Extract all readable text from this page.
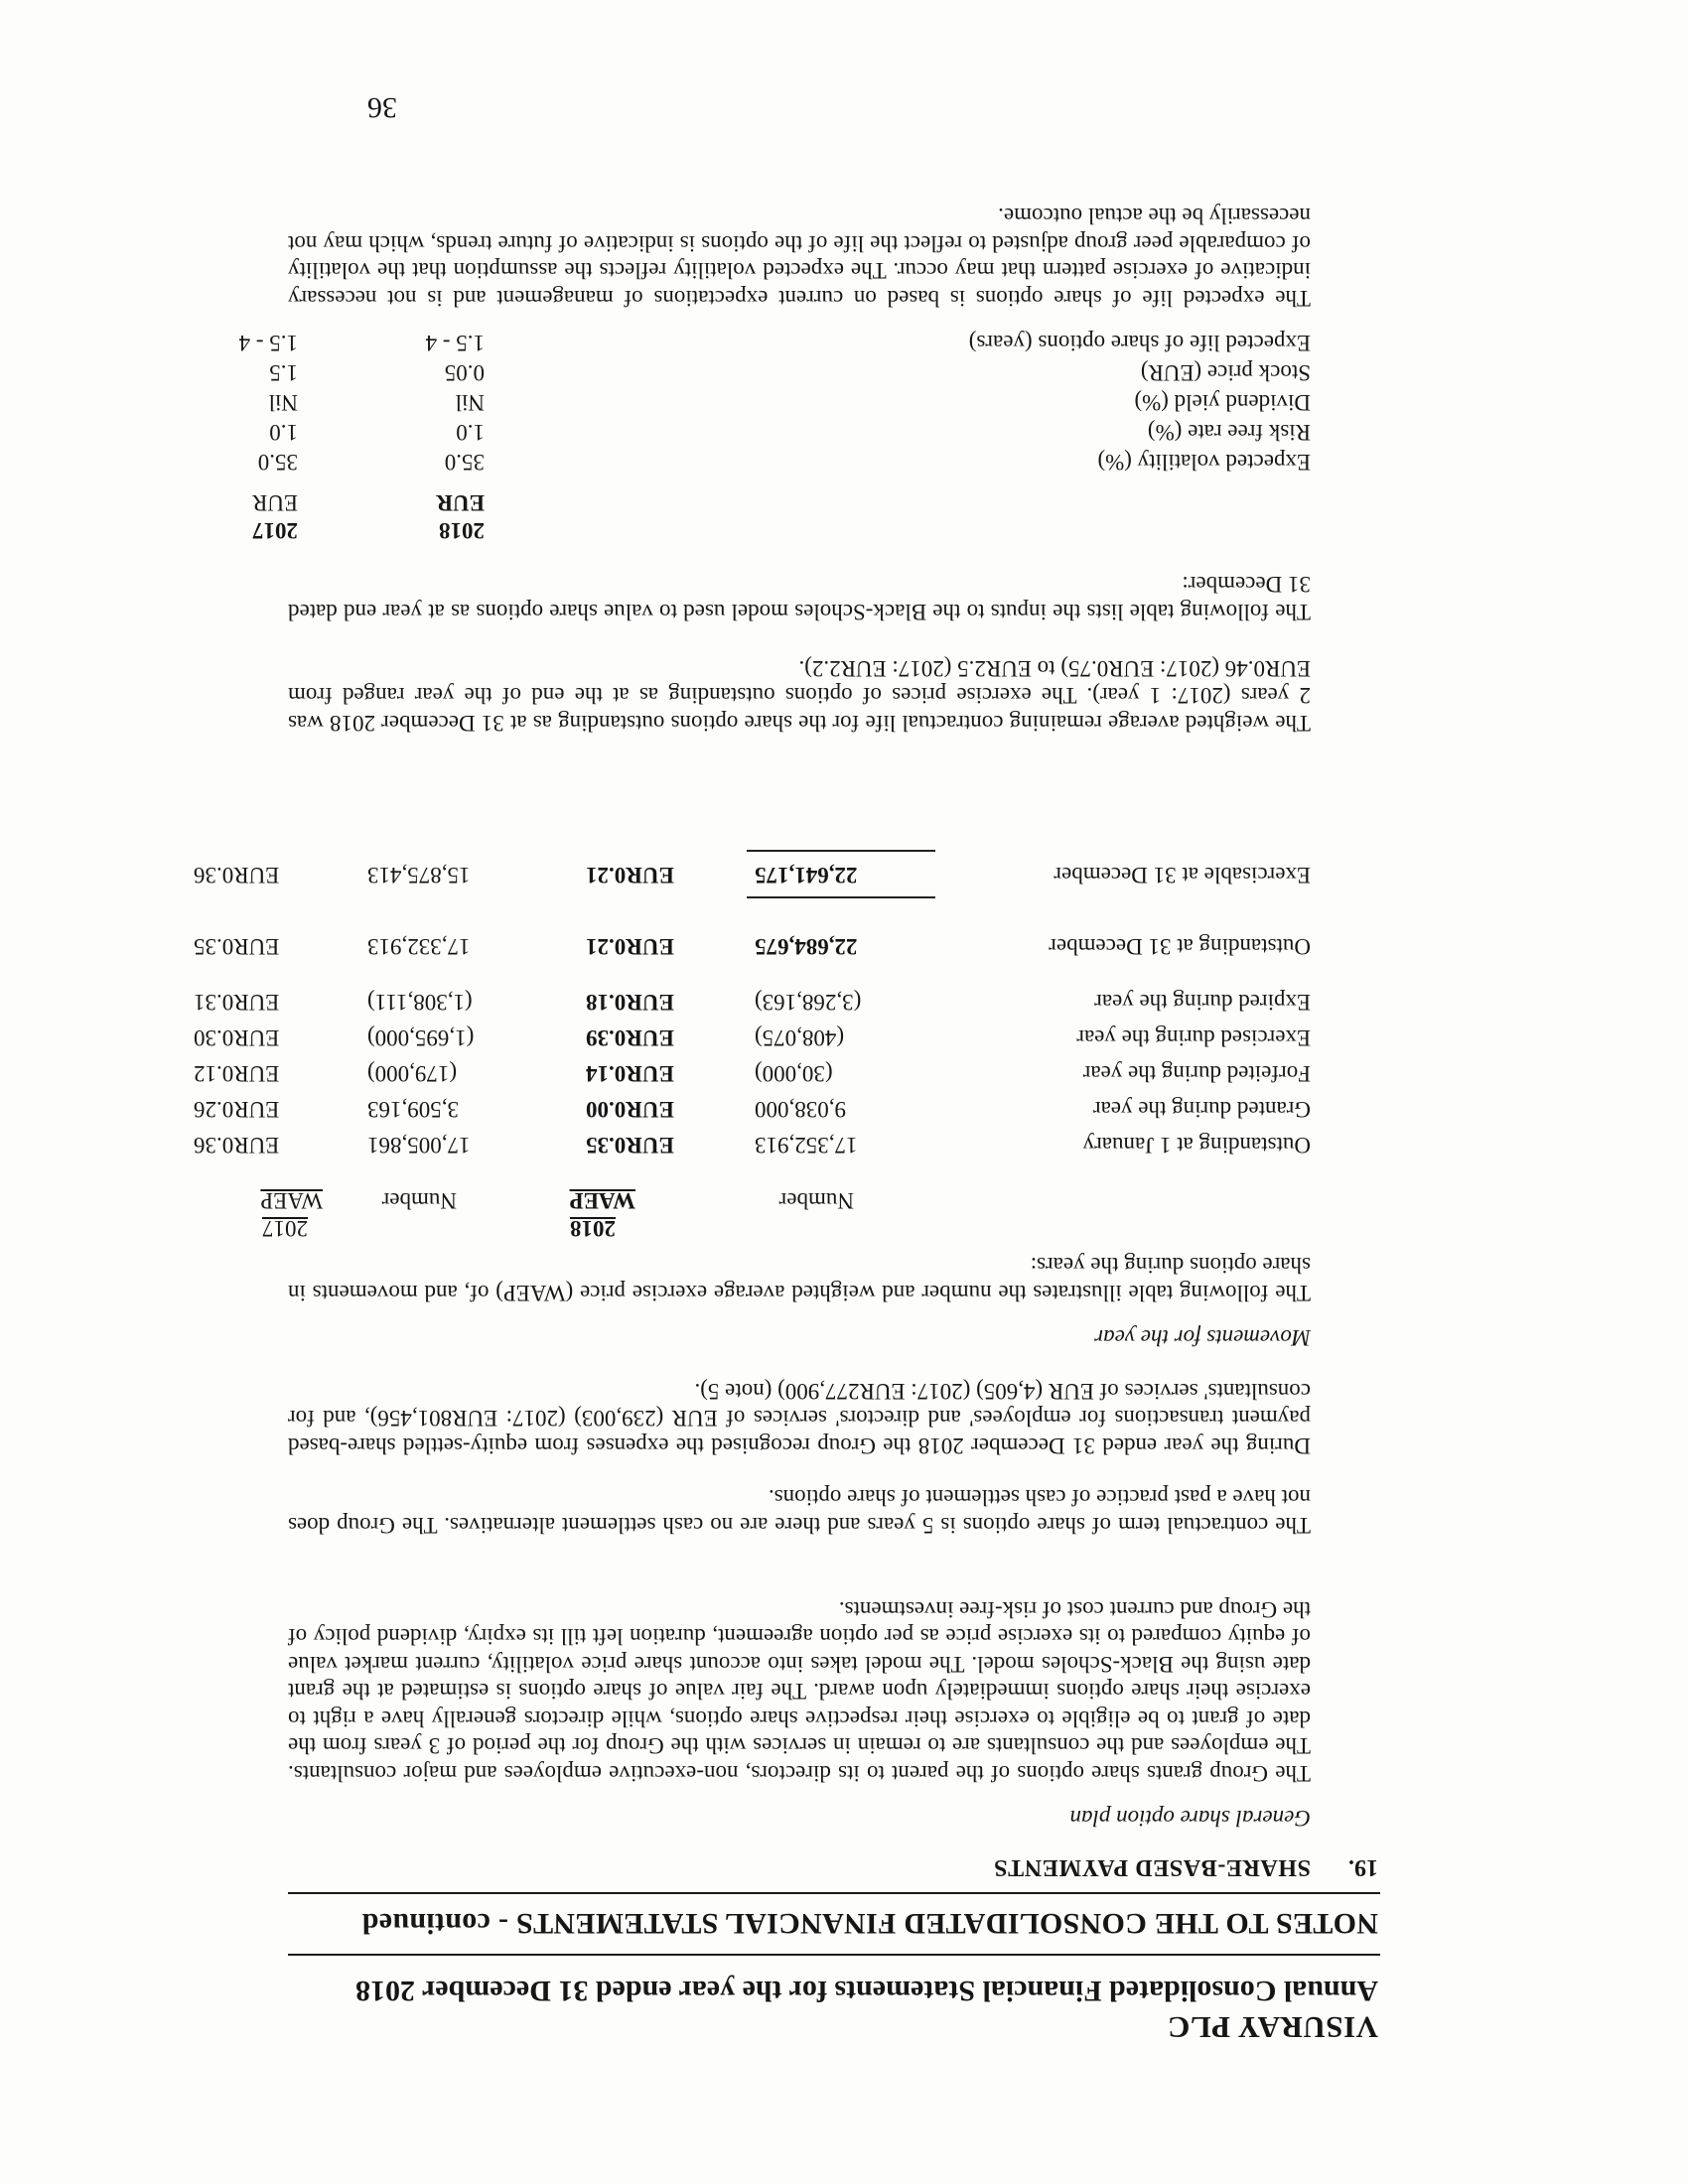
VISURAY PLC
Annual Consolidated Financial Statements for the year ended 31 December 2018
NOTES TO THE CONSOLIDATED FINANCIAL STATEMENTS - continued
19.
SHARE-BASED PAYMENTS
General share option plan
The Group grants share options of the parent to its directors, non-executive employees and major consultants. The employees and the consultants are to remain in services with the Group for the period of 3 years from the date of grant to be eligible to exercise their respective share options, while directors generally have a right to exercise their share options immediately upon award. The fair value of share options is estimated at the grant date using the Black-Scholes model. The model takes into account share price volatility, current market value of equity compared to its exercise price as per option agreement, duration left till its expiry, dividend policy of the Group and current cost of risk-free investments.
The contractual term of share options is 5 years and there are no cash settlement alternatives. The Group does not have a past practice of cash settlement of share options.
During the year ended 31 December 2018 the Group recognised the expenses from equity-settled share-based payment transactions for employees' and directors' services of EUR (239,003) (2017: EUR801,456), and for consultants' services of EUR (4,605) (2017: EUR277,900) (note 5).
Movements for the year
The following table illustrates the number and weighted average exercise price (WAEP) of, and movements in share options during the years:
2018
2017
Number
WAEP
Number
WAEP
Outstanding at 1 January
17,352,913
EUR0.35
17,005,861
EUR0.36
Granted during the year
9,038,000
EUR0.00
3,509,163
EUR0.26
Forfeited during the year
(30,000)
EUR0.14
(179,000)
EUR0.12
Exercised during the year
(408,075)
EUR0.39
(1,695,000)
EUR0.30
Expired during the year
(3,268,163)
EUR0.18
(1,308,111)
EUR0.31
Outstanding at 31 December
22,684,675
EUR0.21
17,332,913
EUR0.35
Exercisable at 31 December
22,641,175
EUR0.21
15,875,413
EUR0.36
The weighted average remaining contractual life for the share options outstanding as at 31 December 2018 was 2 years (2017: 1 year). The exercise prices of options outstanding as at the end of the year ranged from EUR0.46 (2017: EUR0.75) to EUR2.5 (2017: EUR2.2).
The following table lists the inputs to the Black-Scholes model used to value share options as at year end dated 31 December:
2018
2017
EUR
EUR
Expected volatility (%)
35.0
35.0
Risk free rate (%)
1.0
1.0
Dividend yield (%)
Nil
Nil
Stock price (EUR)
0.05
1.5
Expected life of share options (years)
1.5 - 4
1.5 - 4
The expected life of share options is based on current expectations of management and is not necessary indicative of exercise pattern that may occur. The expected volatility reflects the assumption that the volatility of comparable peer group adjusted to reflect the life of the options is indicative of future trends, which may not necessarily be the actual outcome.
36
